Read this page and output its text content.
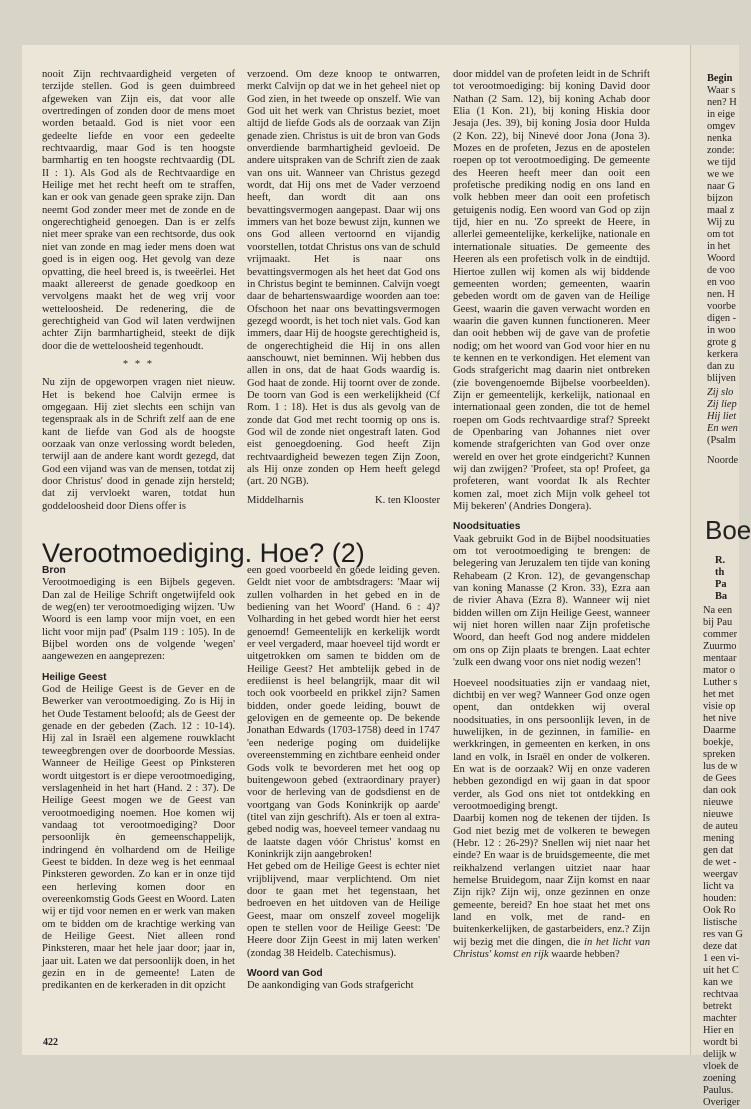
nooit Zijn rechtvaardigheid vergeten of terzijde stellen. God is geen duimbreed afgeweken van Zijn eis, dat voor alle overtredingen of zonden door de mens moet worden betaald. God is niet voor een gedeelte liefde en voor een gedeelte rechtvaardig, maar God is ten hoogste barmhartig en ten hoogste rechtvaardig (DL II : 1). Als God als de Rechtvaardige en Heilige met het recht heeft om te straffen, kan er ook van genade geen sprake zijn. Dan neemt God zonder meer met de zonde en de ongerechtigheid genoegen. Dan is er zelfs niet meer sprake van een rechtsorde, dus ook niet van zonde en mag ieder mens doen wat goed is in eigen oog. Het gevolg van deze opvatting, die heel breed is, is tweeërlei. Het maakt allereerst de genade goedkoop en vervolgens maakt het de weg vrij voor wetteloosheid. De redenering, die de gerechtigheid van God wil laten verdwijnen achter Zijn barmhartigheid, steekt de dijk door die de wetteloosheid tegenhoudt.

* * *

Nu zijn de opgeworpen vragen niet nieuw. Het is bekend hoe Calvijn ermee is omgegaan. Hij ziet slechts een schijn van tegenspraak als in de Schrift zelf aan de ene kant de liefde van God als de hoogste oorzaak van onze verlossing wordt beleden, terwijl aan de andere kant wordt gezegd, dat God een vijand was van de mensen, totdat zij door Christus' dood in genade zijn hersteld; dat zij vervloekt waren, totdat hun goddeloosheid door Diens offer is

verzoend. Om deze knoop te ontwarren, merkt Calvijn op dat we in het geheel niet op God zien, in het tweede op onszelf. Wie van God uit het werk van Christus beziet, moet altijd de liefde Gods als de oorzaak van Zijn genade zien. Christus is uit de bron van Gods onverdiende barmhartigheid gevloeid. De andere uitspraken van de Schrift zien de zaak van ons uit. Wanneer van Christus gezegd wordt, dat Hij ons met de Vader verzoend heeft, dan wordt dit aan ons bevattingsvermogen aangepast. Daar wij ons immers van het boze bewust zijn, kunnen we ons God alleen vertoornd en vijandig voorstellen, totdat Christus ons van de schuld vrijmaakt. Het is naar ons bevattingsvermogen als het heet dat God ons in Christus begint te beminnen. Calvijn voegt daar de behartenswaardige woorden aan toe: Ofschoon het naar ons bevattingsvermogen gezegd woordt, is het toch niet vals. God kan immers, daar Hij de hoogste gerechtigheid is, de ongerechtigheid die Hij in ons allen aanschouwt, niet beminnen. Wij hebben dus allen in ons, dat de haat Gods waardig is. God haat de zonde. Hij toornt over de zonde. De toorn van God is een werkelijkheid (Cf Rom. 1 : 18). Het is dus als gevolg van de zonde dat God met recht toornig op ons is. God wil de zonde niet ongestraft laten. God eist genoegdoening. God heeft Zijn rechtvaardigheid bewezen tegen Zijn Zoon, als Hij onze zonden op Hem heeft gelegd (art. 20 NGB).

Middelharnis	K. ten Klooster
Verootmoediging. Hoe? (2)

Bron

Verootmoediging is een Bijbels gegeven. Dan zal de Heilige Schrift ongetwijfeld ook de weg(en) ter verootmoediging wijzen. 'Uw Woord is een lamp voor mijn voet, en een licht voor mijn pad' (Psalm 119 : 105). In de Bijbel worden ons de volgende 'wegen' aangewezen en aangeprezen:

Heilige Geest

God de Heilige Geest is de Gever en de Bewerker van verootmoediging. Zo is Hij in het Oude Testament beloofd; als de Geest der genade en der gebeden (Zach. 12 : 10-14). Hij zal in Israël een algemene rouwklacht teweegbrengen over de doorboorde Messias. Wanneer de Heilige Geest op Pinksteren wordt uitgestort is er diepe verootmoediging, verslagenheid in het hart (Hand. 2 : 37). De Heilige Geest mogen we de Geest van verootmoediging noemen. Hoe komen wij vandaag tot verootmoediging? Door persoonlijk èn gemeenschappelijk, indringend èn volhardend om de Heilige Geest te bidden. In deze weg is het eenmaal Pinksteren geworden. Zo kan er in onze tijd een herleving komen door en overeenkomstig Gods Geest en Woord. Laten wij er tijd voor nemen en er werk van maken om te bidden om de krachtige werking van de Heilige Geest. Niet alleen rond Pinksteren, maar het hele jaar door; jaar in, jaar uit. Laten we dat persoonlijk doen, in het gezin en in de gemeente! Laten de predikanten en de kerkeraden in dit opzicht

een goed voorbeeld en goede leiding geven. Geldt niet voor de ambtsdragers: 'Maar wij zullen volharden in het gebed en in de bediening van het Woord' (Hand. 6 : 4)? Volharding in het gebed wordt hier het eerst genoemd! Gemeentelijk en kerkelijk wordt er veel vergaderd, maar hoeveel tijd wordt er uitgetrokken om samen te bidden om de Heilige Geest? Het ambtelijk gebed in de erediienst is heel belangrijk, maar dit wil toch ook voorbeeld en prikkel zijn? Samen bidden, onder goede leiding, bouwt de gelovigen en de gemeente op. De bekende Jonathan Edwards (1703-1758) deed in 1747 'een nederige poging om duidelijke overeenstemming en zichtbare eenheid onder Gods volk te bevorderen met het oog op buitengewoon gebed (extraordinary prayer) voor de herleving van de godsdienst en de voortgang van Gods Koninkrijk op aarde' (titel van zijn geschrift). Als er toen al extra-gebed nodig was, hoeveel temeer vandaag nu de laatste dagen vóór Christus' komst en Koninkrijk zijn aangebroken!

Het gebed om de Heilige Geest is echter niet vrijblijvend, maar verplichtend. Om niet door te gaan met het tegenstaan, het bedroeven en het uitdoven van de Heilige Geest, maar om onszelf zoveel mogelijk open te stellen voor de Heilige Geest: 'De Heere door Zijn Geest in mij laten werken' (zondag 38 Heidelb. Catechismus).

Woord van God

De aankondiging van Gods strafgericht

door middel van de profeten leidt in de Schrift tot verootmoediging: bij koning David door Nathan (2 Sam. 12), bij koning Achab door Elia (1 Kon. 21), bij koning Hiskia door Jesaja (Jes. 39), bij koning Josia door Hulda (2 Kon. 22), bij Ninevé door Jona (Jona 3). Mozes en de profeten, Jezus en de apostelen roepen op tot verootmoediging. De gemeente des Heeren heeft meer dan ooit een profetische prediking nodig en ons land en volk hebben meer dan ooit een profetisch getuigenis nodig. Een woord van God op zijn tijd, hier en nu. 'Zo spreekt de Heere, in allerlei gemeentelijke, kerkelijke, nationale en internationale situaties. De gemeente des Heeren als een profetisch volk in de eindtijd. Hiertoe zullen wij komen als wij biddende gemeenten worden; gemeenten, waarin gebeden wordt om de gaven van de Heilige Geest, waarin die gaven verwacht worden en waarin die gaven kunnen functioneren. Meer dan ooit hebben wij de gave van de profetie nodig; om het woord van God voor hier en nu te kennen en te verkondigen. Het element van Gods strafgericht mag daarin niet ontbreken (zie bovengenoemde Bijbelse voorbeelden). Zijn er gemeentelijk, kerkelijk, nationaal en internationaal geen zonden, die tot de hemel roepen om Gods rechtvaardige straf? Spreekt de Openbaring van Johannes niet over komende strafgerichten van God over onze wereld en over het grote eindgericht? Kunnen wij dan zwijgen? 'Profeet, sta op! Profeet, ga profeteren, want voordat Ik als Rechter komen zal, moet zich Mijn volk geheel tot Mij bekeren' (Andries Dongera).

Noodsituaties

Vaak gebruikt God in de Bijbel noodsituaties om tot verootmoediging te brengen: de belegering van Jeruzalem ten tijde van koning Rehabeam (2 Kron. 12), de gevangenschap van koning Manasse (2 Kron. 33), Ezra aan de rivier Ahava (Ezra 8). Wanneer wij niet bidden willen om Zijn Heilige Geest, wanneer wij niet horen willen naar Zijn profetische Woord, dan heeft God nog andere middelen om ons op Zijn plaats te brengen. Laat echter 'zulk een dwang voor ons niet nodig wezen'!

Hoeveel noodsituaties zijn er vandaag niet, dichtbij en ver weg? Wanneer God onze ogen opent, dan ontdekken wij overal noodsituaties, in ons persoonlijk leven, in de huwelijken, in de gezinnen, in familie- en werkkringen, in gemeenten en kerken, in ons land en volk, in Israël en onder de volkeren. En wat is de oorzaak? Wij en onze vaderen hebben gezondigd en wij gaan in dat spoor verder, als God ons niet tot ontdekking en verootmoediging brengt.

Daarbij komen nog de tekenen der tijden. Is God niet bezig met de volkeren te bewegen (Hebr. 12 : 26-29)? Snellen wij niet naar het einde? En waar is de bruidsgemeente, die met reikhalzend verlangen uitziet naar haar hemelse Bruidegom, naar Zijn komst en naar Zijn rijk? Zijn wij, onze gezinnen en onze gemeente, bereid? En hoe staat het met ons land en volk, met de rand- en buitenkerkelijken, de gastarbeiders, enz.? Zijn wij bezig met die dingen, die in het licht van Christus' komst en rijk waarde hebben?

422
Begin
Waar s
nen? H
in eige
omgev
nenka
zonde:
we tijd
we we
naar G
bijzon
maal z
Wij zu
om tot
in het
Woord
de voo
en voo
nen. H
voorbe
digen -
in woo
grote g
kerkera
dan zu
blijven
Zij slo
Zij liep
Hij liet
En wen
(Psalm
Noorde
Boe
R.
th
Pa
Ba
Na een
bij Pau
commer
Zuurmo
mentaar
mator o
Luther s
het met
visie op
het nive
Daarme
boekje,
spreken
lus de w
de Gees
dan ook
nieuwe
nieuwe
de auteu
mening
gen dat
de wet -
weergav
licht va
houden:
Ook Ro
listische
res van G
deze dat
1 een vi-
uit het C
kan we
rechtvaa
betrekt
machter
Hier en
wordt bi
delijk w
vloek de
zoening
Paulus.
Overiger
